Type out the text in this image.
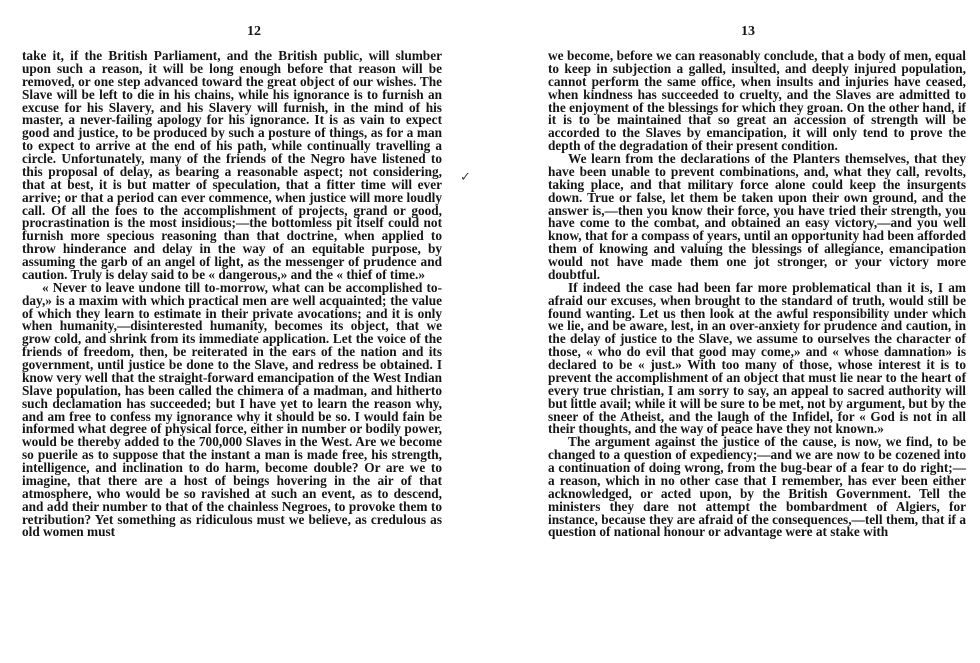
12

take it, if the British Parliament, and the British public, will slumber upon such a reason, it will be long enough before that reason will be removed, or one step advanced toward the great object of our wishes. The Slave will be left to die in his chains, while his ignorance is to furnish an excuse for his Slavery, and his Slavery will furnish, in the mind of his master, a never-failing apology for his ignorance. It is as vain to expect good and justice, to be produced by such a posture of things, as for a man to expect to arrive at the end of his path, while continually travelling a circle. Unfortunately, many of the friends of the Negro have listened to this proposal of delay, as bearing a reasonable aspect; not considering, that at best, it is but matter of speculation, that a fitter time will ever arrive; or that a period can ever commence, when justice will more loudly call. Of all the foes to the accomplishment of projects, grand or good, procrastination is the most insidious;—the bottomless pit itself could not furnish more specious reasoning than that doctrine, when applied to throw hinderance and delay in the way of an equitable purpose, by assuming the garb of an angel of light, as the messenger of prudence and caution. Truly is delay said to be « dangerous,» and the « thief of time.»

« Never to leave undone till to-morrow, what can be accomplished to-day,» is a maxim with which practical men are well acquainted; the value of which they learn to estimate in their private avocations; and it is only when humanity,—disinterested humanity, becomes its object, that we grow cold, and shrink from its immediate application. Let the voice of the friends of freedom, then, be reiterated in the ears of the nation and its government, until justice be done to the Slave, and redress be obtained. I know very well that the straight-forward emancipation of the West Indian Slave population, has been called the chimera of a madman, and hitherto such declamation has succeeded; but I have yet to learn the reason why, and am free to confess my ignorance why it should be so. I would fain be informed what degree of physical force, either in number or bodily power, would be thereby added to the 700,000 Slaves in the West. Are we become so puerile as to suppose that the instant a man is made free, his strength, intelligence, and inclination to do harm, become double? Or are we to imagine, that there are a host of beings hovering in the air of that atmosphere, who would be so ravished at such an event, as to descend, and add their number to that of the chainless Negroes, to provoke them to retribution? Yet something as ridiculous must we believe, as credulous as old women must

✓
13

we become, before we can reasonably conclude, that a body of men, equal to keep in subjection a galled, insulted, and deeply injured population, cannot perform the same office, when insults and injuries have ceased, when kindness has succeeded to cruelty, and the Slaves are admitted to the enjoyment of the blessings for which they groan. On the other hand, if it is to be maintained that so great an accession of strength will be accorded to the Slaves by emancipation, it will only tend to prove the depth of the degradation of their present condition.

We learn from the declarations of the Planters themselves, that they have been unable to prevent combinations, and, what they call, revolts, taking place, and that military force alone could keep the insurgents down. True or false, let them be taken upon their own ground, and the answer is,—then you know their force, you have tried their strength, you have come to the combat, and obtained an easy victory,—and you well know, that for a compass of years, until an opportunity had been afforded them of knowing and valuing the blessings of allegiance, emancipation would not have made them one jot stronger, or your victory more doubtful.

If indeed the case had been far more problematical than it is, I am afraid our excuses, when brought to the standard of truth, would still be found wanting. Let us then look at the awful responsibility under which we lie, and be aware, lest, in an over-anxiety for prudence and caution, in the delay of justice to the Slave, we assume to ourselves the character of those, « who do evil that good may come,» and « whose damnation» is declared to be « just.» With too many of those, whose interest it is to prevent the accomplishment of an object that must lie near to the heart of every true christian, I am sorry to say, an appeal to sacred authority will but little avail; while it will be sure to be met, not by argument, but by the sneer of the Atheist, and the laugh of the Infidel, for « God is not in all their thoughts, and the way of peace have they not known.»

The argument against the justice of the cause, is now, we find, to be changed to a question of expediency;—and we are now to be cozened into a continuation of doing wrong, from the bug-bear of a fear to do right;—a reason, which in no other case that I remember, has ever been either acknowledged, or acted upon, by the British Government. Tell the ministers they dare not attempt the bombardment of Algiers, for instance, because they are afraid of the consequences,—tell them, that if a question of national honour or advantage were at stake with
